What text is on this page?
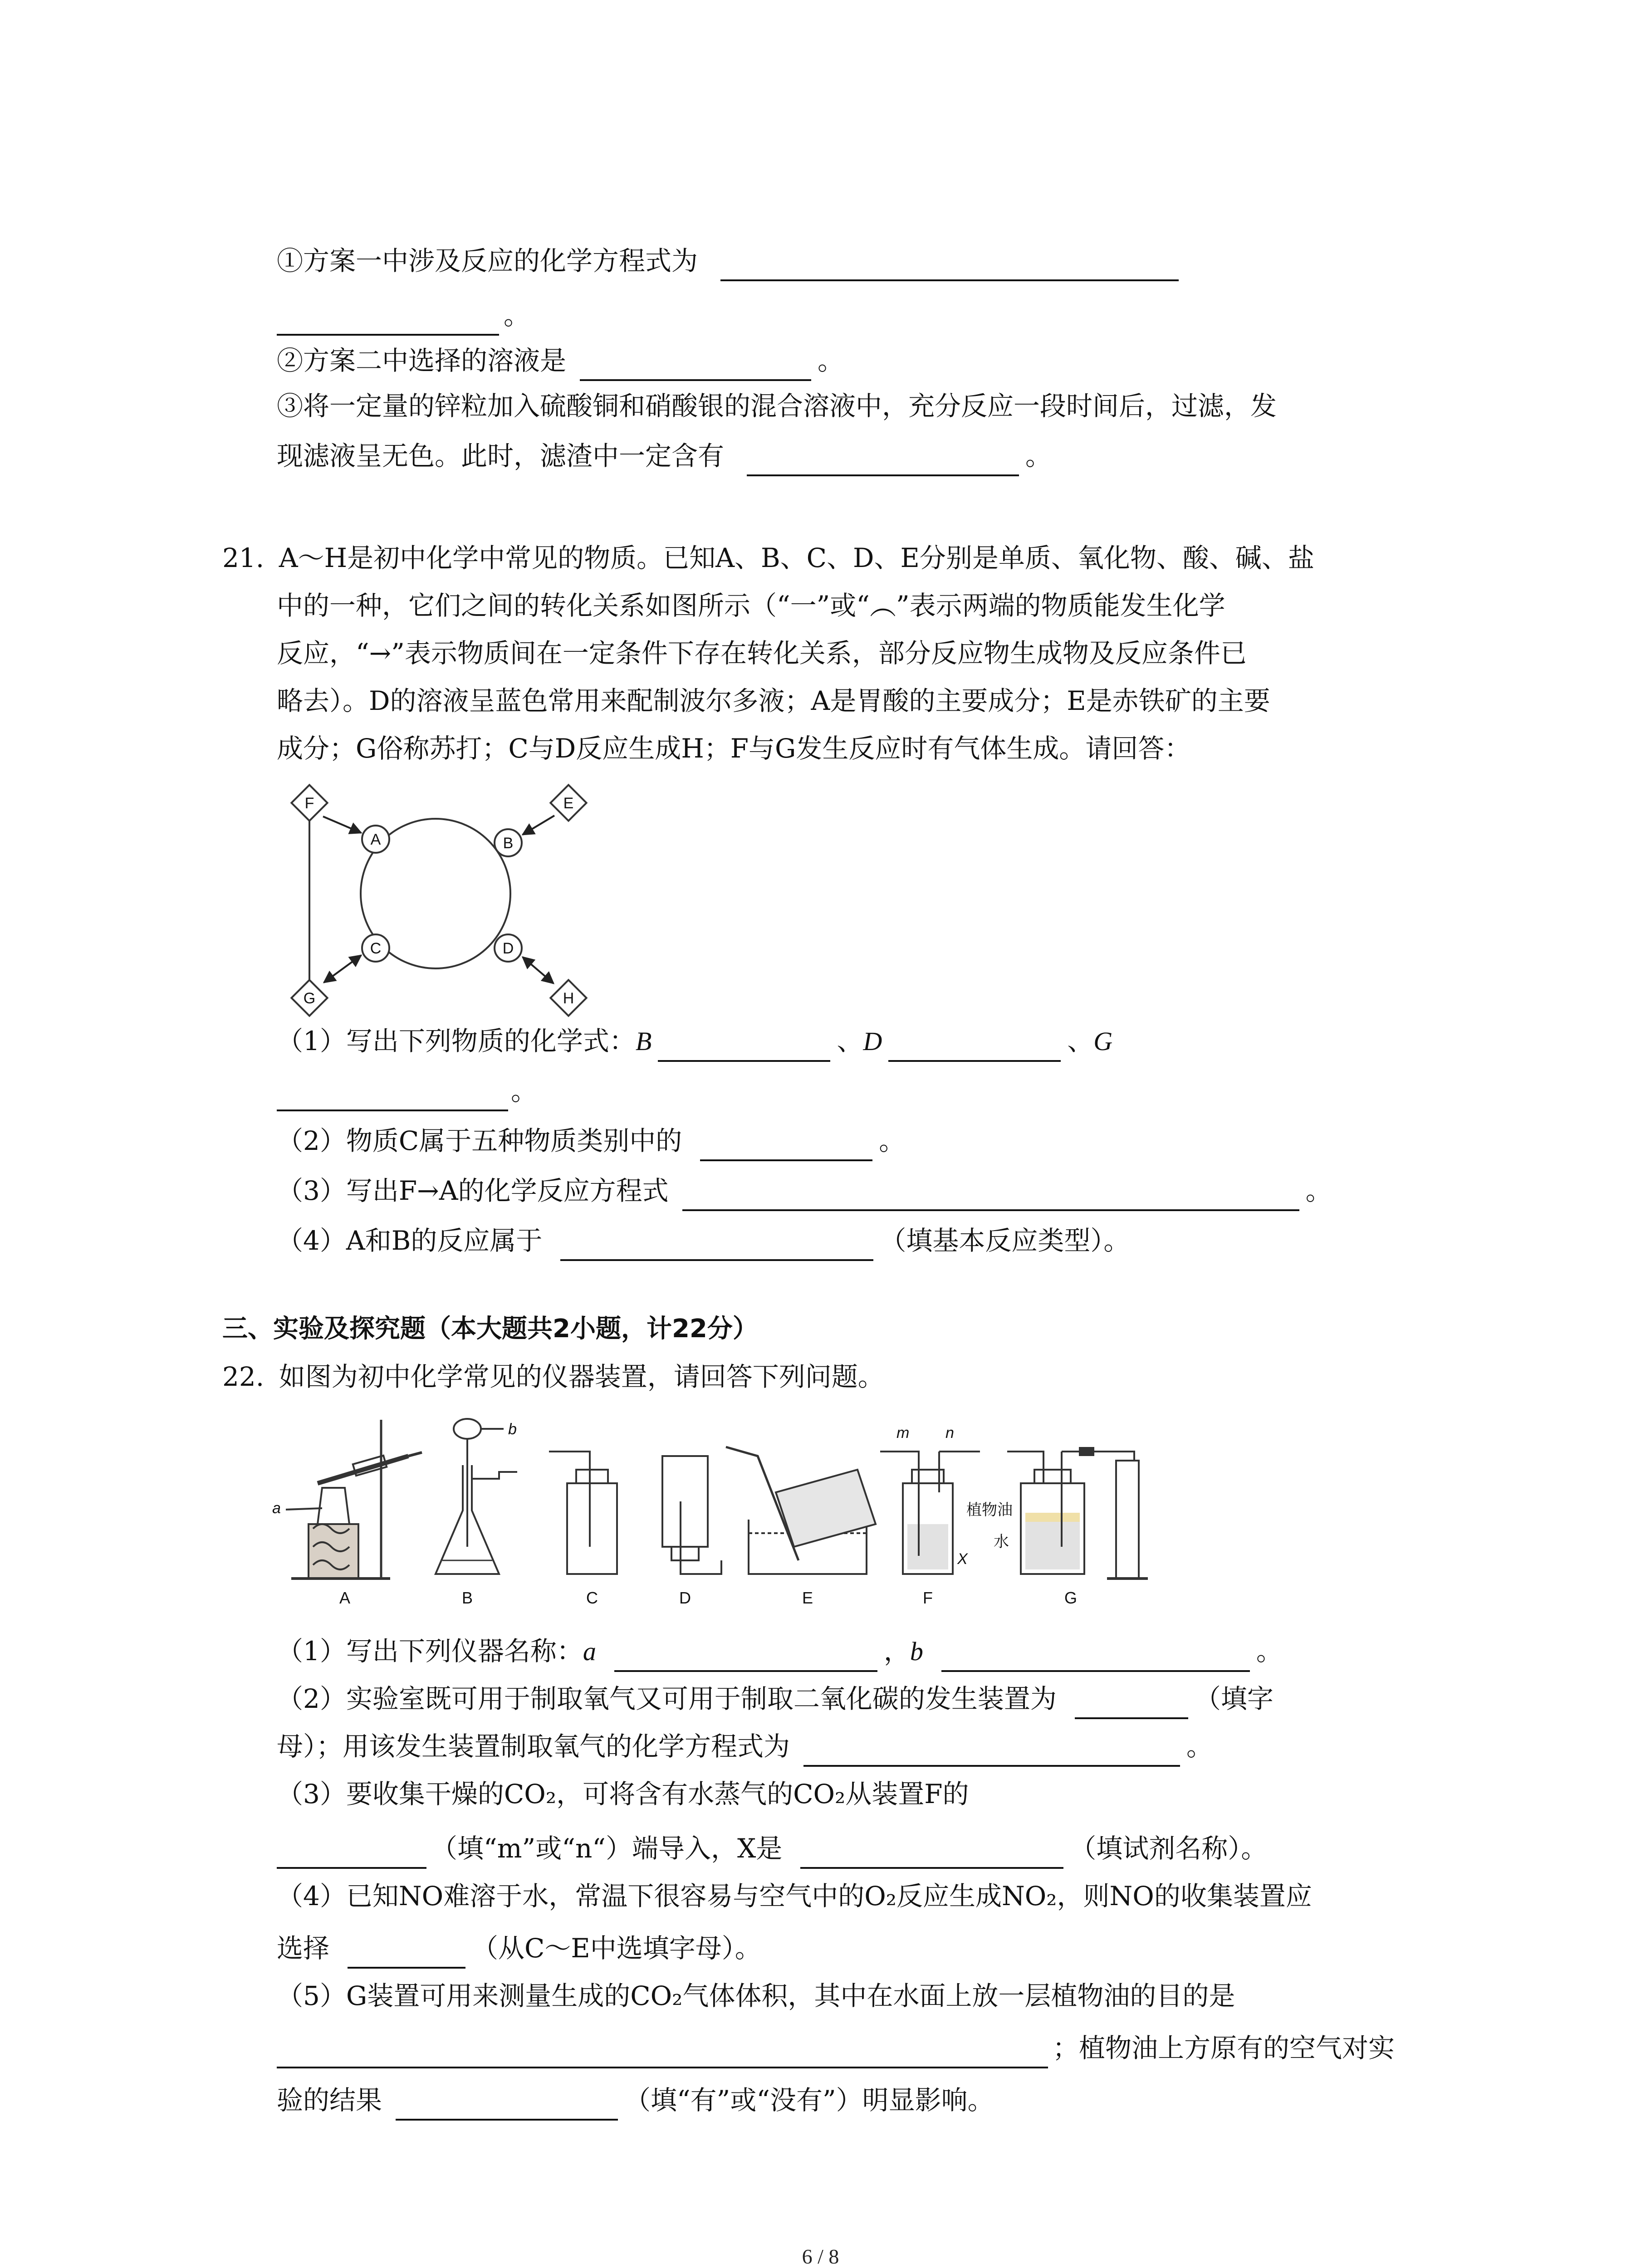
①方案一中涉及反应的化学方程式为
。
②方案二中选择的溶液是	。
③将一定量的锌粒加入硫酸铜和硝酸银的混合溶液中，充分反应一段时间后，过滤，发
现滤液呈无色。此时，滤渣中一定含有	。
21. A～H是初中化学中常见的物质。已知A、B、C、D、E分别是单质、氧化物、酸、碱、盐
中的一种，它们之间的转化关系如图所示（“一”或“︵”表示两端的物质能发生化学
反应，“→”表示物质间在一定条件下存在转化关系，部分反应物生成物及反应条件已
略去）。D的溶液呈蓝色常用来配制波尔多液；A是胃酸的主要成分；E是赤铁矿的主要
成分；G俗称苏打；C与D反应生成H；F与G发生反应时有气体生成。请回答：
A	B
C	D
E
F
G	H
（1）写出下列物质的化学式：B	、D	、G
。
（2）物质C属于五种物质类别中的	。
（3）写出F→A的化学反应方程式	。
（4）A和B的反应属于	（填基本反应类型）。
三、实验及探究题（本大题共2小题，计22分）
22. 如图为初中化学常见的仪器装置，请回答下列问题。
a
b	m n
X
植物油
水
A	B	C	D	E	F	G
（1）写出下列仪器名称：a	，b	。
（2）实验室既可用于制取氧气又可用于制取二氧化碳的发生装置为	（填字
母）；用该发生装置制取氧气的化学方程式为	。
（3）要收集干燥的CO₂，可将含有水蒸气的CO₂从装置F的
（填“m”或“n“）端导入，X是	（填试剂名称）。
（4）已知NO难溶于水，常温下很容易与空气中的O₂反应生成NO₂，则NO的收集装置应
选择	（从C～E中选填字母）。
（5）G装置可用来测量生成的CO₂气体体积，其中在水面上放一层植物油的目的是
；植物油上方原有的空气对实
验的结果	（填“有”或“没有”）明显影响。
6 / 8
